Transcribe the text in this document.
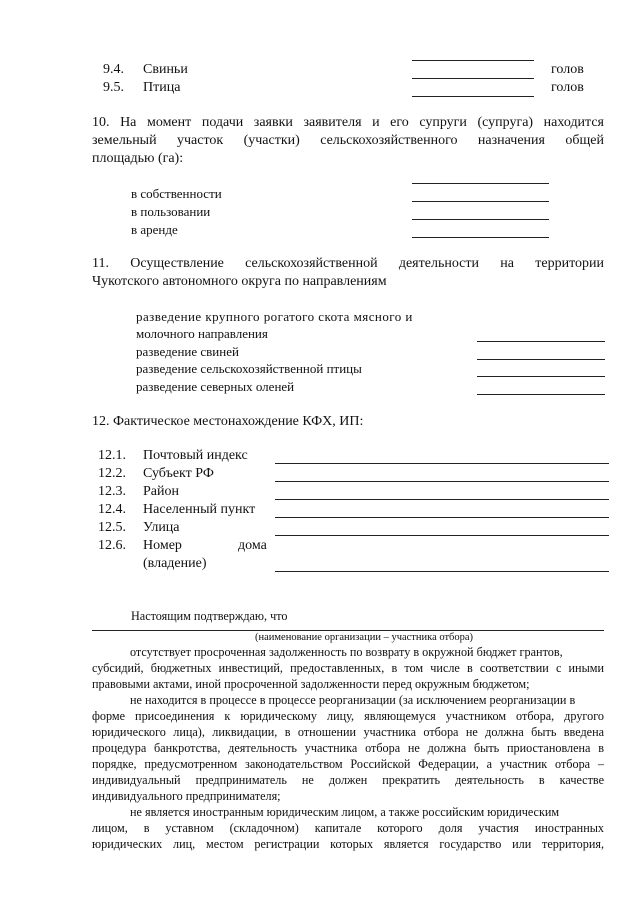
9.4. Свиньи	голов
9.5. Птица	голов
10. На момент подачи заявки заявителя и его супруги (супруга) находится
земельный участок (участки) сельскохозяйственного назначения общей
площадью (га):
в собственности
в пользовании
в аренде
11. Осуществление сельскохозяйственной деятельности на территории
Чукотского автономного округа по направлениям
разведение крупного рогатого скота мясного и
молочного направления
разведение свиней
разведение сельскохозяйственной птицы
разведение северных оленей
12. Фактическое местонахождение КФХ, ИП:
12.1. Почтовый индекс
12.2. Субъект РФ
12.3. Район
12.4. Населенный пункт
12.5. Улица
12.6. Номер	дома
(владение)
Настоящим подтверждаю, что
(наименование организации – участника отбора)
отсутствует просроченная задолженность по возврату в окружной бюджет грантов,
субсидий, бюджетных инвестиций, предоставленных, в том числе в соответствии с иными
правовыми актами, иной просроченной задолженности перед окружным бюджетом;
не находится в процессе в процессе реорганизации (за исключением реорганизации в
форме присоединения к юридическому лицу, являющемуся участником отбора, другого
юридического лица), ликвидации, в отношении участника отбора не должна быть введена
процедура банкротства, деятельность участника отбора не должна быть приостановлена в
порядке, предусмотренном законодательством Российской Федерации, а участник отбора –
индивидуальный предприниматель не должен прекратить деятельность в качестве
индивидуального предпринимателя;
не является иностранным юридическим лицом, а также российским юридическим
лицом, в уставном (складочном) капитале которого доля участия иностранных
юридических лиц, местом регистрации которых является государство или территория,
